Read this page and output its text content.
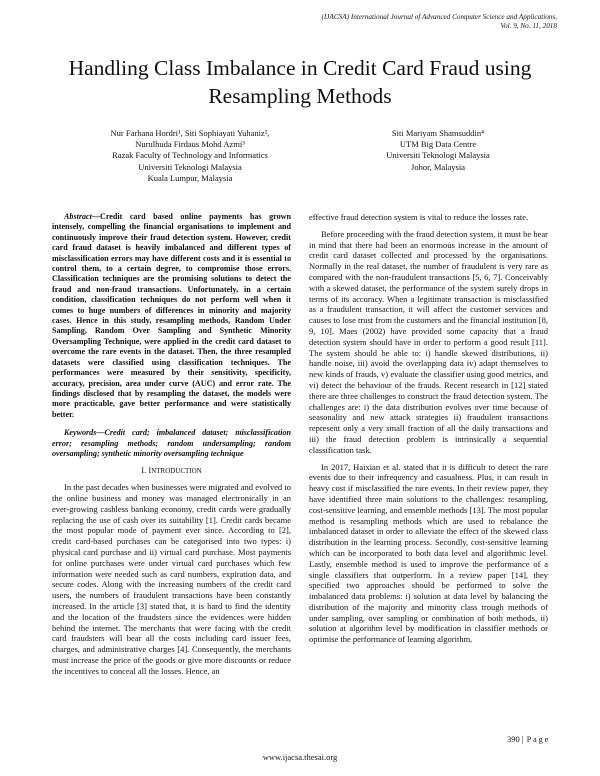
(IJACSA) International Journal of Advanced Computer Science and Applications,
Vol. 9, No. 11, 2018
Handling Class Imbalance in Credit Card Fraud using Resampling Methods
Nur Farhana Hordri¹, Siti Sophiayati Yuhaniz²,
Nurulhuda Firdaus Mohd Azmi³
Razak Faculty of Technology and Informatics
Universiti Teknologi Malaysia
Kuala Lumpur, Malaysia
Siti Mariyam Shamsuddin⁴
UTM Big Data Centre
Universiti Teknologi Malaysia
Johor, Malaysia

Abstract—Credit card based online payments has grown intensely, compelling the financial organisations to implement and continuously improve their fraud detection system. However, credit card fraud dataset is heavily imbalanced and different types of misclassification errors may have different costs and it is essential to control them, to a certain degree, to compromise those errors. Classification techniques are the promising solutions to detect the fraud and non-fraud transactions. Unfortunately, in a certain condition, classification techniques do not perform well when it comes to huge numbers of differences in minority and majority cases. Hence in this study, resampling methods, Random Under Sampling, Random Over Sampling and Synthetic Minority Oversampling Technique, were applied in the credit card dataset to overcome the rare events in the dataset. Then, the three resampled datasets were classified using classification techniques. The performances were measured by their sensitivity, specificity, accuracy, precision, area under curve (AUC) and error rate. The findings disclosed that by resampling the dataset, the models were more practicable, gave better performance and were statistically better.

Keywords—Credit card; imbalanced dataset; misclassification error; resampling methods; random undersampling; random oversampling; synthetic minority oversampling technique

I. INTRODUCTION

In the past decades when businesses were migrated and evolved to the online business and money was managed electronically in an ever-growing cashless banking economy, credit cards were gradually replacing the use of cash over its suitability [1]. Credit cards became the most popular mode of payment ever since. According to [2], credit card-based purchases can be categorised into two types: i) physical card purchase and ii) virtual card purchase. Most payments for online purchases were under virtual card purchases which few information were needed such as card numbers, expiration data, and secure codes. Along with the increasing numbers of the credit card users, the numbers of fraudulent transactions have been constantly increased. In the article [3] stated that, it is hard to find the identity and the location of the fraudsters since the evidences were hidden behind the internet. The merchants that were facing with the credit card fraudsters will bear all the costs including card issuer fees, charges, and administrative charges [4]. Consequently, the merchants must increase the price of the goods or give more discounts or reduce the incentives to conceal all the losses. Hence, an

effective fraud detection system is vital to reduce the losses rate.

Before proceeding with the fraud detection system, it must be bear in mind that there had been an enormous increase in the amount of credit card dataset collected and processed by the organisations. Normally in the real dataset, the number of fraudulent is very rare as compared with the non-fraudulent transactions [5, 6, 7]. Conceivably with a skewed dataset, the performance of the system surely drops in terms of its accuracy. When a legitimate transaction is misclassified as a fraudulent transaction, it will affect the customer services and causes to lose trust from the customers and the financial institution [8, 9, 10]. Maes (2002) have provided some capacity that a fraud detection system should have in order to perform a good result [11]. The system should be able to: i) handle skewed distributions, ii) handle noise, iii) avoid the overlapping data iv) adapt themselves to new kinds of frauds, v) evaluate the classifier using good metrics, and vi) detect the behaviour of the frauds. Recent research in [12] stated there are three challenges to construct the fraud detection system. The challenges are: i) the data distribution evolves over time because of seasonality and new attack strategies ii) fraudulent transactions represent only a very small fraction of all the daily transactions and iii) the fraud detection problem is intrinsically a sequential classification task.

In 2017, Haixian et al. stated that it is difficult to detect the rare events due to their infrequency and casualness. Plus, it can result in heavy cost if misclassified the rare events. In their review paper, they have identified three main solutions to the challenges: resampling, cost-sensitive learning, and ensemble methods [13]. The most popular method is resampling methods which are used to rebalance the imbalanced dataset in order to alleviate the effect of the skewed class distribution in the learning process. Secondly, cost-sensitive learning which can be incorporated to both data level and algorithmic level. Lastly, ensemble method is used to improve the performance of a single classifiers that outperform. In a review paper [14], they specified two approaches should be performed to solve the imbalanced data problems: i) solution at data level by balancing the distribution of the majority and minority class trough methods of under sampling, over sampling or combination of both methods, ii) solution at algorithm level by modification in classifier methods or optimise the performance of learning algorithm.

390 | Page
www.ijacsa.thesai.org
